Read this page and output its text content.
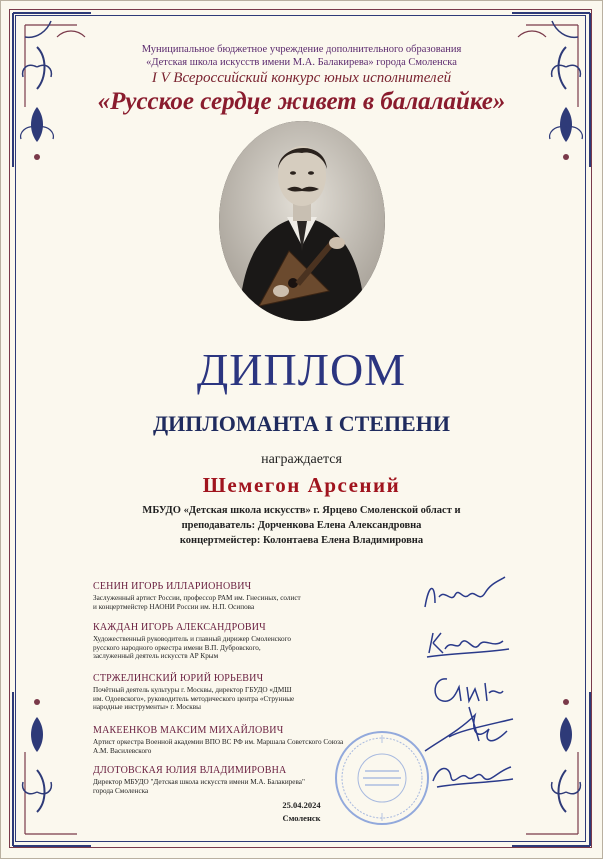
Муниципальное бюджетное учреждение дополнительного образования
«Детская школа искусств имени М.А. Балакирева» города Смоленска
I V Всероссийский конкурс юных исполнителей
«Русское сердце живет в балалайке»
ДИПЛОМ
ДИПЛОМАНТА I СТЕПЕНИ
награждается
Шемегон Арсений
МБУДО «Детская школа искусств» г. Ярцево Смоленской област и
преподаватель: Дорченкова Елена Александровна
концертмейстер: Колонтаева Елена Владимировна
СЕНИН ИГОРЬ ИЛЛАРИОНОВИЧ
Заслуженный артист России, профессор РАМ им. Гнесиных, солист
и концертмейстер НАОНИ России им. Н.П. Осипова
КАЖДАН ИГОРЬ АЛЕКСАНДРОВИЧ
Художественный руководитель и главный дирижер Смоленского
русского народного оркестра имени В.П. Дубровского,
заслуженный деятель искусств АР Крым
СТРЖЕЛИНСКИЙ ЮРИЙ ЮРЬЕВИЧ
Почётный деятель культуры г. Москвы, директор ГБУДО «ДМШ
им. Одоевского», руководитель методического центра «Струнные
народные инструменты» г. Москвы
МАКЕЕНКОВ МАКСИМ МИХАЙЛОВИЧ
Артист оркестра Военной академии ВПО ВС РФ им. Маршала Советского Союза
А.М. Василевского
ДЛОТОВСКАЯ ЮЛИЯ ВЛАДИМИРОВНА
Директор МБУДО "Детская школа искусств имени М.А. Балакирева"
города Смоленска
25.04.2024
Смоленск
